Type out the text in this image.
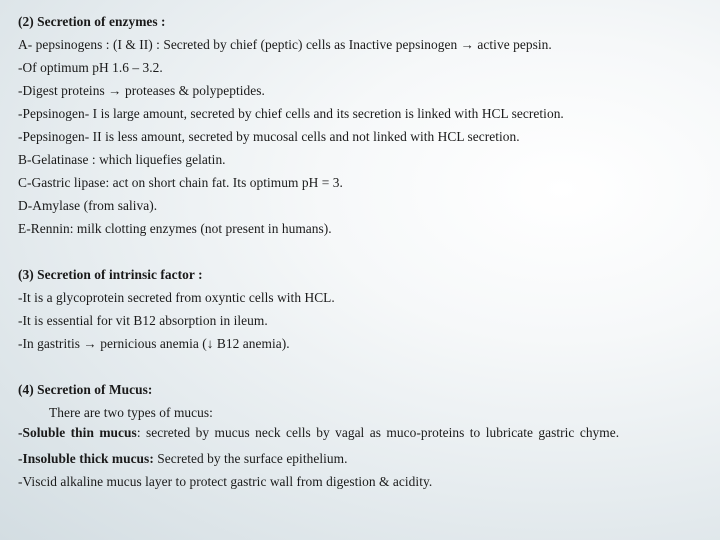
(2) Secretion of enzymes :
A- pepsinogens : (I & II) : Secreted by chief (peptic) cells as Inactive pepsinogen → active pepsin.
-Of optimum pH 1.6 – 3.2.
-Digest proteins → proteases & polypeptides.
-Pepsinogen- I is large amount, secreted by chief cells and its secretion is linked with HCL secretion.
-Pepsinogen- II is less amount, secreted by mucosal cells and not linked with HCL secretion.
B-Gelatinase : which liquefies gelatin.
C-Gastric lipase: act on short chain fat. Its optimum pH = 3.
D-Amylase (from saliva).
E-Rennin: milk clotting enzymes (not present in humans).
(3) Secretion of intrinsic factor :
-It is a glycoprotein secreted from oxyntic cells with HCL.
-It is essential for vit B12 absorption in ileum.
-In gastritis → pernicious anemia (↓ B12 anemia).
(4) Secretion of Mucus:
There are two types of mucus:
-Soluble thin mucus: secreted by mucus neck cells by vagal as muco-proteins to lubricate gastric chyme.
-Insoluble thick mucus: Secreted by the surface epithelium.
-Viscid alkaline mucus layer to protect gastric wall from digestion & acidity.
